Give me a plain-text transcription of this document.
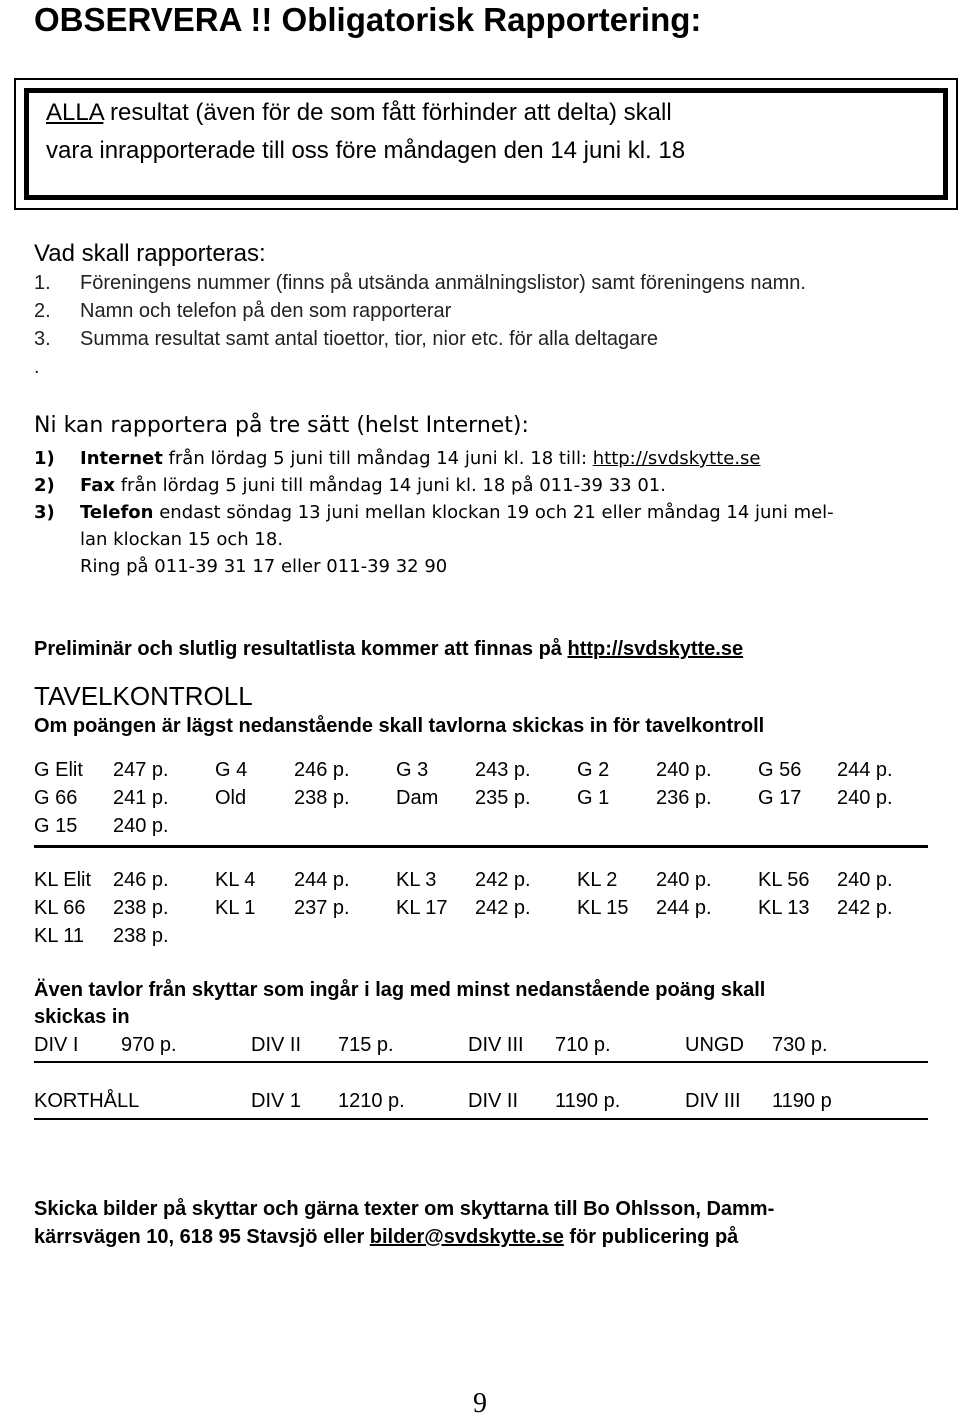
OBSERVERA !! Obligatorisk Rapportering:
ALLA resultat (även för de som fått förhinder att delta) skall
vara inrapporterade till oss före måndagen den 14 juni kl. 18
Vad skall rapporteras:
1. Föreningens nummer (finns på utsända anmälningslistor) samt föreningens namn.
2. Namn och telefon på den som rapporterar
3. Summa resultat samt antal tioettor, tior, nior etc. för alla deltagare
.
Ni kan rapportera på tre sätt (helst Internet):
1) Internet från lördag 5 juni till måndag 14 juni kl. 18 till: http://svdskytte.se
2) Fax från lördag 5 juni till måndag 14 juni kl. 18 på 011-39 33 01.
3) Telefon endast söndag 13 juni mellan klockan 19 och 21 eller måndag 14 juni mel-
lan klockan 15 och 18.
Ring på 011-39 31 17 eller 011-39 32 90
Preliminär och slutlig resultatlista kommer att finnas på http://svdskytte.se
TAVELKONTROLL
Om poängen är lägst nedanstående skall tavlorna skickas in för tavelkontroll
G Elit 247 p. G 4 246 p. G 3 243 p. G 2 240 p. G 56 244 p.
G 66 241 p. Old 238 p. Dam 235 p. G 1 236 p. G 17 240 p.
G 15 240 p.
KL Elit 246 p. KL 4 244 p. KL 3 242 p. KL 2 240 p. KL 56 240 p.
KL 66 238 p. KL 1 237 p. KL 17 242 p. KL 15 244 p. KL 13 242 p.
KL 11 238 p.
Även tavlor från skyttar som ingår i lag med minst nedanstående poäng skall
skickas in
DIV I 970 p.	DIV II 715 p.	DIV III 710 p.	UNGD 730 p.
KORTHÅLL	DIV 1 1210 p.	DIV II 1190 p.	DIV III 1190 p
Skicka bilder på skyttar och gärna texter om skyttarna till Bo Ohlsson, Damm-
kärrsvägen 10, 618 95 Stavsjö eller bilder@svdskytte.se för publicering på
9
